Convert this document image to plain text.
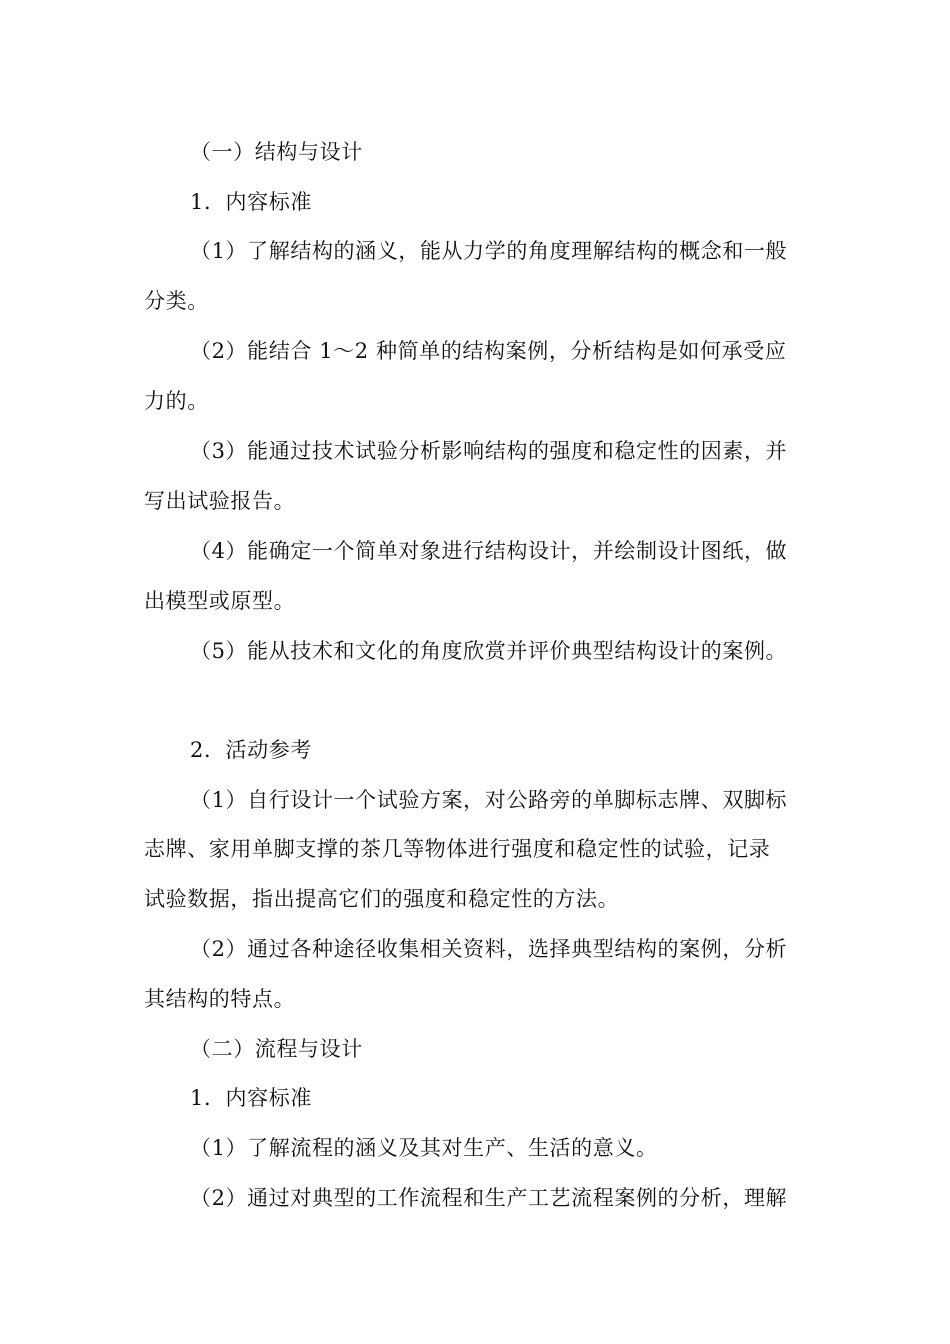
（一）结构与设计
1．内容标准
（1）了解结构的涵义，能从力学的角度理解结构的概念和一般
分类。
（2）能结合 1～2 种简单的结构案例，分析结构是如何承受应
力的。
（3）能通过技术试验分析影响结构的强度和稳定性的因素，并
写出试验报告。
（4）能确定一个简单对象进行结构设计，并绘制设计图纸，做
出模型或原型。
（5）能从技术和文化的角度欣赏并评价典型结构设计的案例。
2．活动参考
（1）自行设计一个试验方案，对公路旁的单脚标志牌、双脚标
志牌、家用单脚支撑的茶几等物体进行强度和稳定性的试验，记录
试验数据，指出提高它们的强度和稳定性的方法。
（2）通过各种途径收集相关资料，选择典型结构的案例，分析
其结构的特点。
（二）流程与设计
1．内容标准
（1）了解流程的涵义及其对生产、生活的意义。
（2）通过对典型的工作流程和生产工艺流程案例的分析，理解
